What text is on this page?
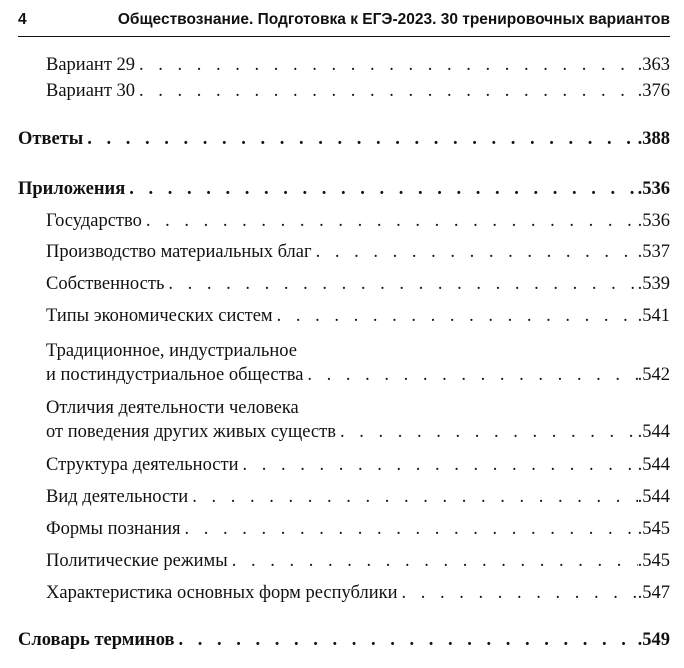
4	Обществознание. Подготовка к ЕГЭ-2023. 30 тренировочных вариантов
Вариант 29 . . .	.363
Вариант 30 . . .	.376
Ответы . . .	.388
Приложения . . .	.536
Государство . . .	.536
Производство материальных благ . . .	.537
Собственность . . .	.539
Типы экономических систем . . .	.541
Традиционное, индустриальное
и постиндустриальное общества . . .	.542
Отличия деятельности человека
от поведения других живых существ . . .	.544
Структура деятельности . . .	.544
Вид деятельности . . .	.544
Формы познания . . .	.545
Политические режимы . . .	.545
Характеристика основных форм республики . . .	.547
Словарь терминов . . .	.549
